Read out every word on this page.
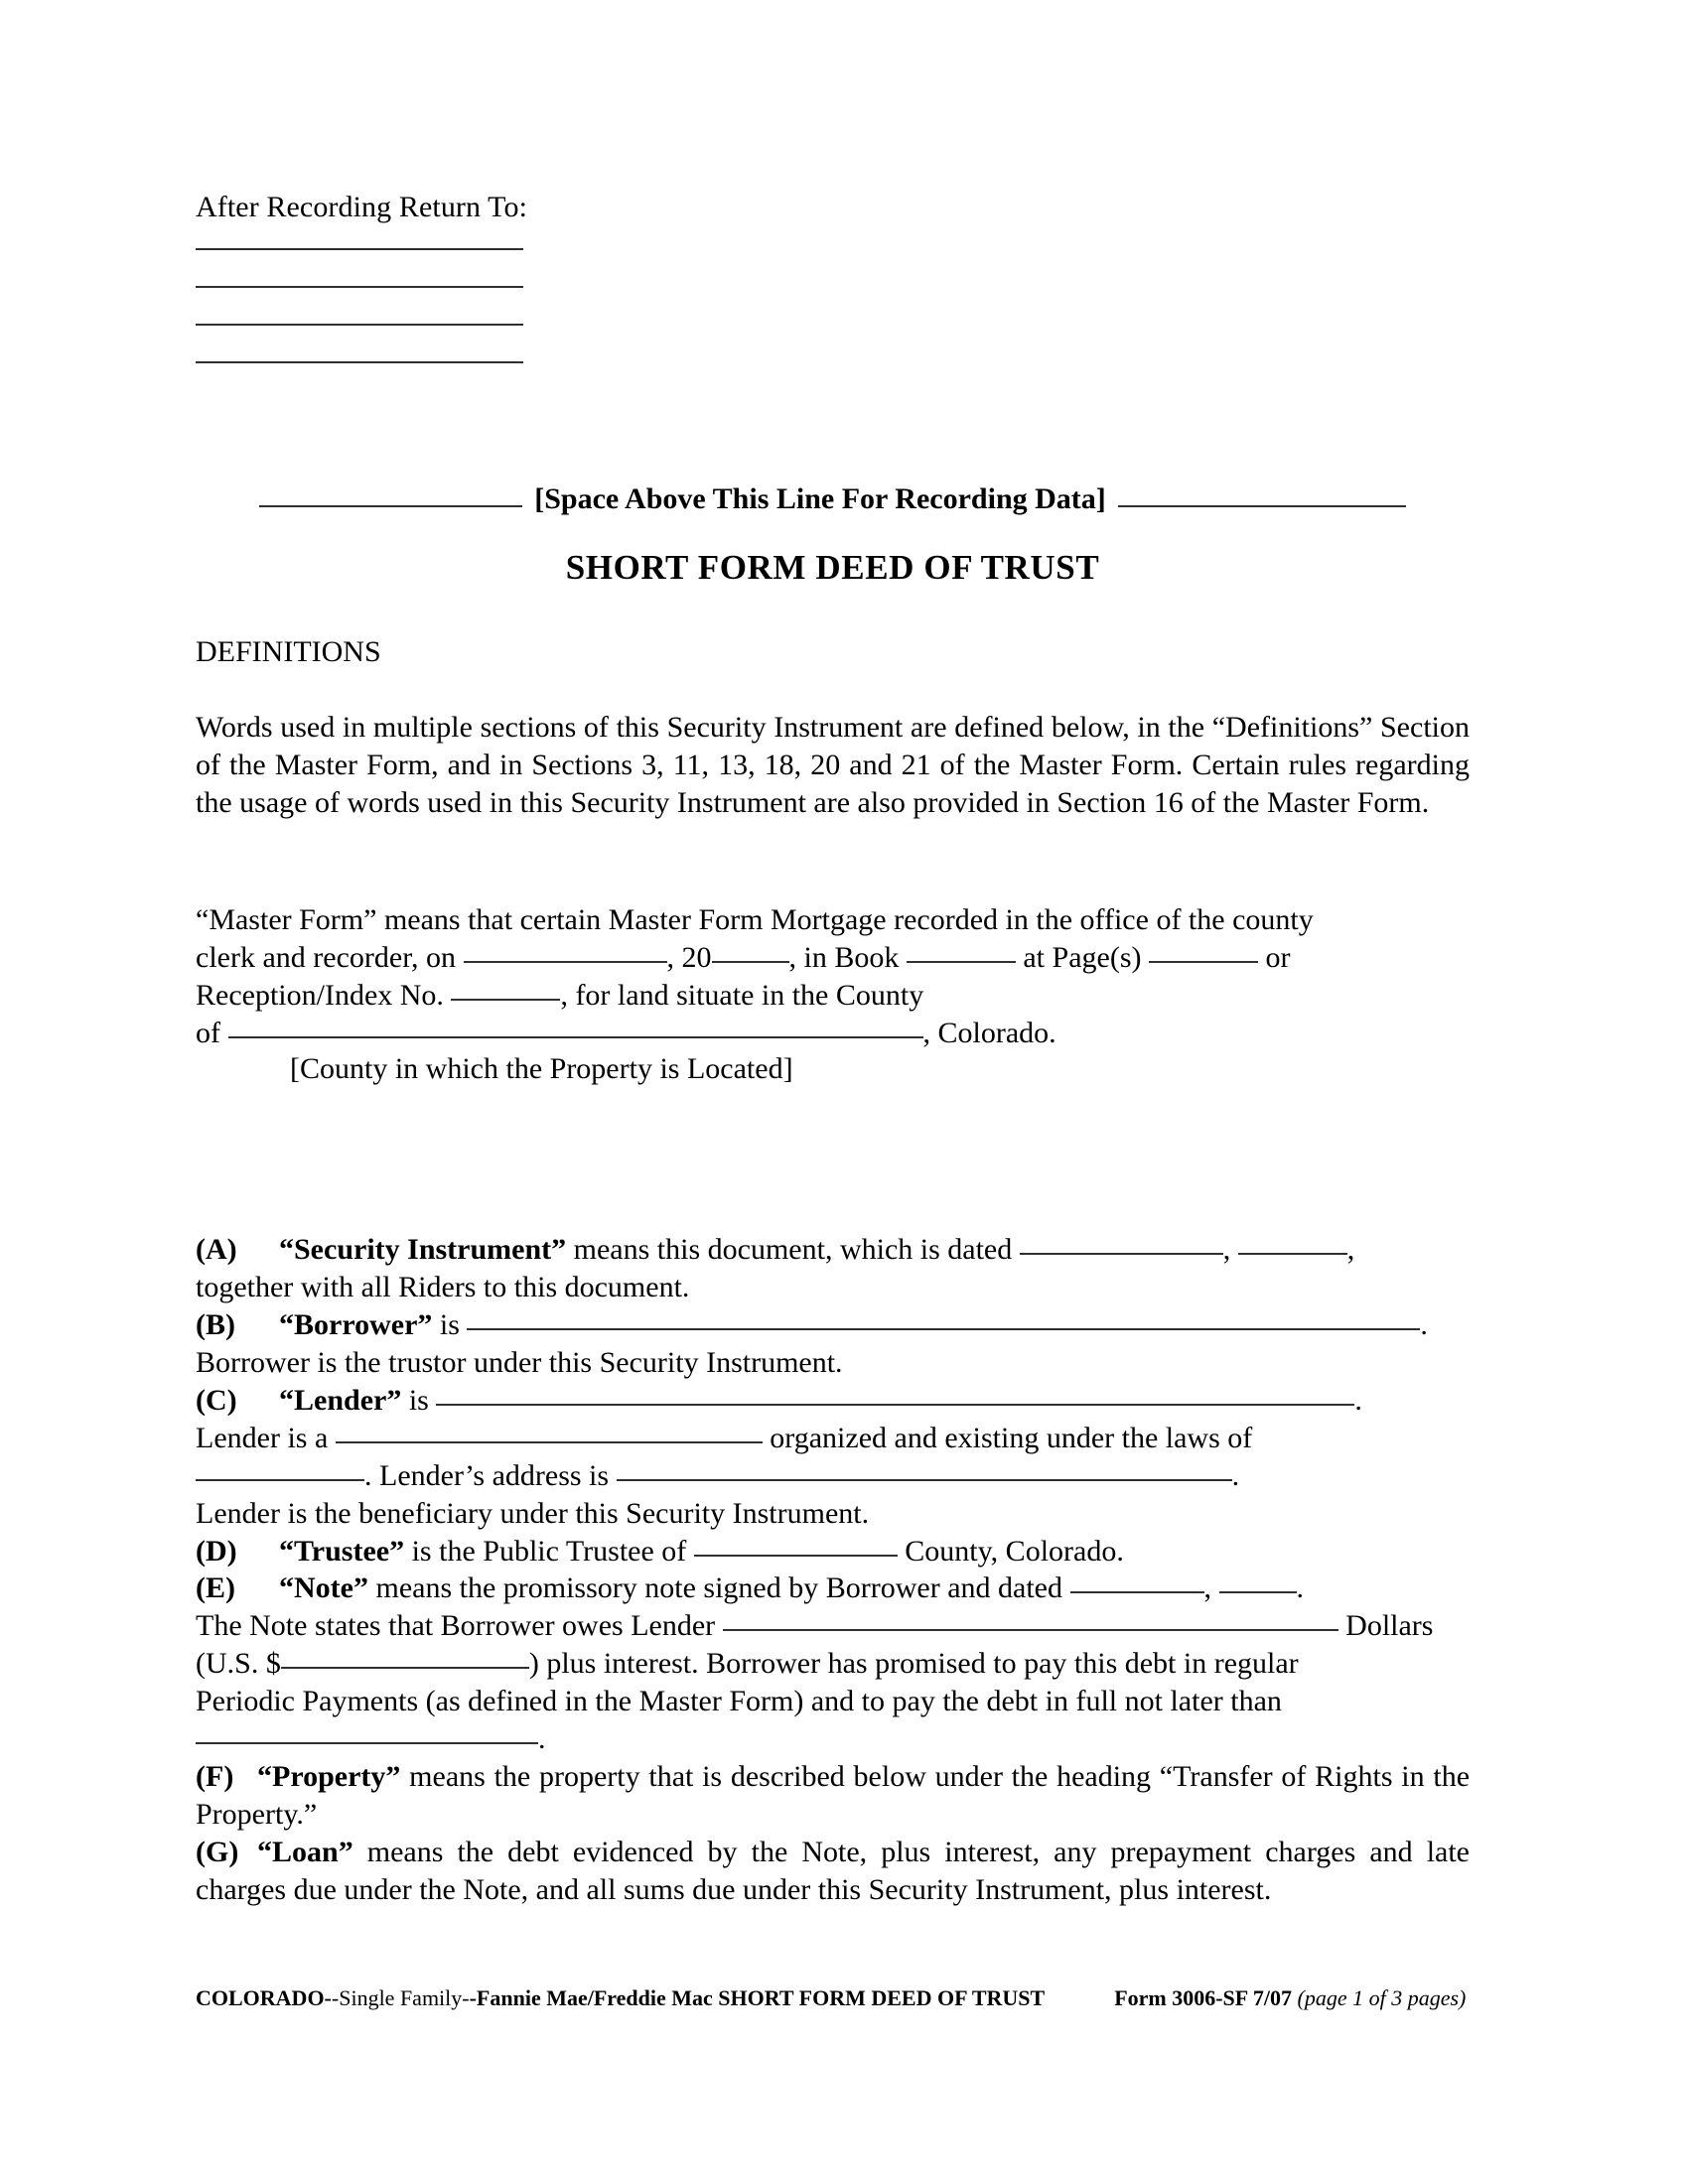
After Recording Return To:
[Space Above This Line For Recording Data]
SHORT FORM DEED OF TRUST
DEFINITIONS
Words used in multiple sections of this Security Instrument are defined below, in the “Definitions” Section of the Master Form, and in Sections 3, 11, 13, 18, 20 and 21 of the Master Form. Certain rules regarding the usage of words used in this Security Instrument are also provided in Section 16 of the Master Form.
“Master Form” means that certain Master Form Mortgage recorded in the office of the county
clerk and recorder, on	, 20	, in Book	at Page(s)	or
Reception/Index No.	, for land situate in the County
of	, Colorado.
[County in which the Property is Located]
(A) “Security Instrument” means this document, which is dated	,	,
together with all Riders to this document.
(B) “Borrower” is	.
Borrower is the trustor under this Security Instrument.
(C) “Lender” is	.
Lender is a	organized and existing under the laws of
. Lender’s address is	.
Lender is the beneficiary under this Security Instrument.
(D) “Trustee” is the Public Trustee of	County, Colorado.
(E) “Note” means the promissory note signed by Borrower and dated	,	.
The Note states that Borrower owes Lender	Dollars
(U.S. $	) plus interest. Borrower has promised to pay this debt in regular
Periodic Payments (as defined in the Master Form) and to pay the debt in full not later than
.
(F) “Property” means the property that is described below under the heading “Transfer of Rights in the Property.”
(G) “Loan” means the debt evidenced by the Note, plus interest, any prepayment charges and late charges due under the Note, and all sums due under this Security Instrument, plus interest.
COLORADO--Single Family--Fannie Mae/Freddie Mac SHORT FORM DEED OF TRUST	Form 3006-SF 7/07 (page 1 of 3 pages)
